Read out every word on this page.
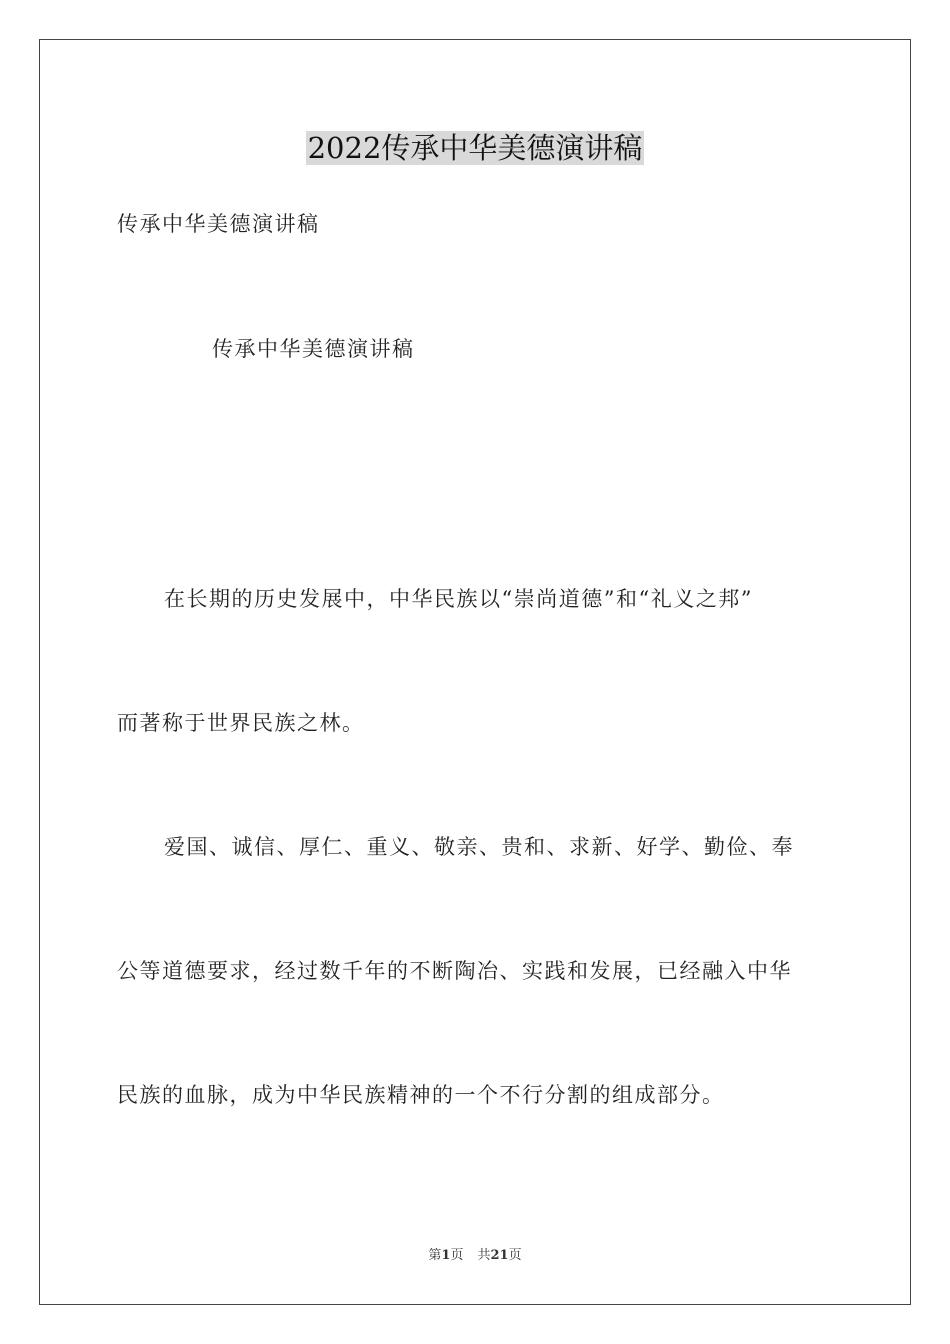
2022传承中华美德演讲稿

传承中华美德演讲稿

传承中华美德演讲稿

在长期的历史发展中，中华民族以“崇尚道德”和“礼义之邦”

而著称于世界民族之林。

爱国、诚信、厚仁、重义、敬亲、贵和、求新、好学、勤俭、奉

公等道德要求，经过数千年的不断陶冶、实践和发展，已经融入中华

民族的血脉，成为中华民族精神的一个不行分割的组成部分。

第1页 共21页
